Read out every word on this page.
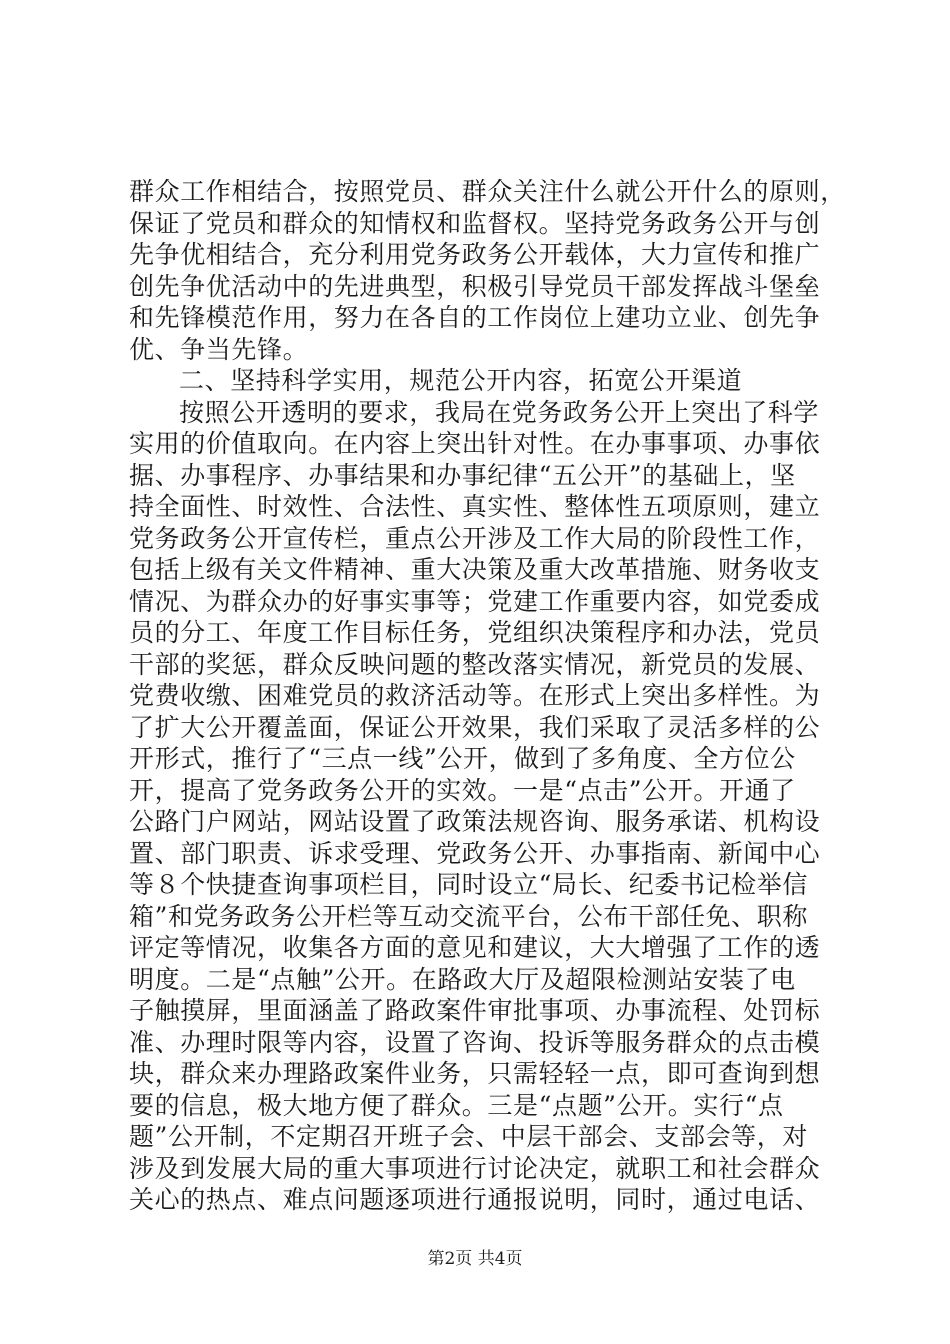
群众工作相结合，按照党员、群众关注什么就公开什么的原则，
保证了党员和群众的知情权和监督权。坚持党务政务公开与创
先争优相结合，充分利用党务政务公开载体，大力宣传和推广
创先争优活动中的先进典型，积极引导党员干部发挥战斗堡垒
和先锋模范作用，努力在各自的工作岗位上建功立业、创先争
优、争当先锋。
二、坚持科学实用，规范公开内容，拓宽公开渠道
按照公开透明的要求，我局在党务政务公开上突出了科学
实用的价值取向。在内容上突出针对性。在办事事项、办事依
据、办事程序、办事结果和办事纪律“五公开”的基础上，坚
持全面性、时效性、合法性、真实性、整体性五项原则，建立
党务政务公开宣传栏，重点公开涉及工作大局的阶段性工作，
包括上级有关文件精神、重大决策及重大改革措施、财务收支
情况、为群众办的好事实事等；党建工作重要内容，如党委成
员的分工、年度工作目标任务，党组织决策程序和办法，党员
干部的奖惩，群众反映问题的整改落实情况，新党员的发展、
党费收缴、困难党员的救济活动等。在形式上突出多样性。为
了扩大公开覆盖面，保证公开效果，我们采取了灵活多样的公
开形式，推行了“三点一线”公开，做到了多角度、全方位公
开，提高了党务政务公开的实效。一是“点击”公开。开通了
公路门户网站，网站设置了政策法规咨询、服务承诺、机构设
置、部门职责、诉求受理、党政务公开、办事指南、新闻中心
等８个快捷查询事项栏目，同时设立“局长、纪委书记检举信
箱”和党务政务公开栏等互动交流平台，公布干部任免、职称
评定等情况，收集各方面的意见和建议，大大增强了工作的透
明度。二是“点触”公开。在路政大厅及超限检测站安装了电
子触摸屏，里面涵盖了路政案件审批事项、办事流程、处罚标
准、办理时限等内容，设置了咨询、投诉等服务群众的点击模
块，群众来办理路政案件业务，只需轻轻一点，即可查询到想
要的信息，极大地方便了群众。三是“点题”公开。实行“点
题”公开制，不定期召开班子会、中层干部会、支部会等，对
涉及到发展大局的重大事项进行讨论决定，就职工和社会群众
关心的热点、难点问题逐项进行通报说明，同时，通过电话、
第2页 共4页
